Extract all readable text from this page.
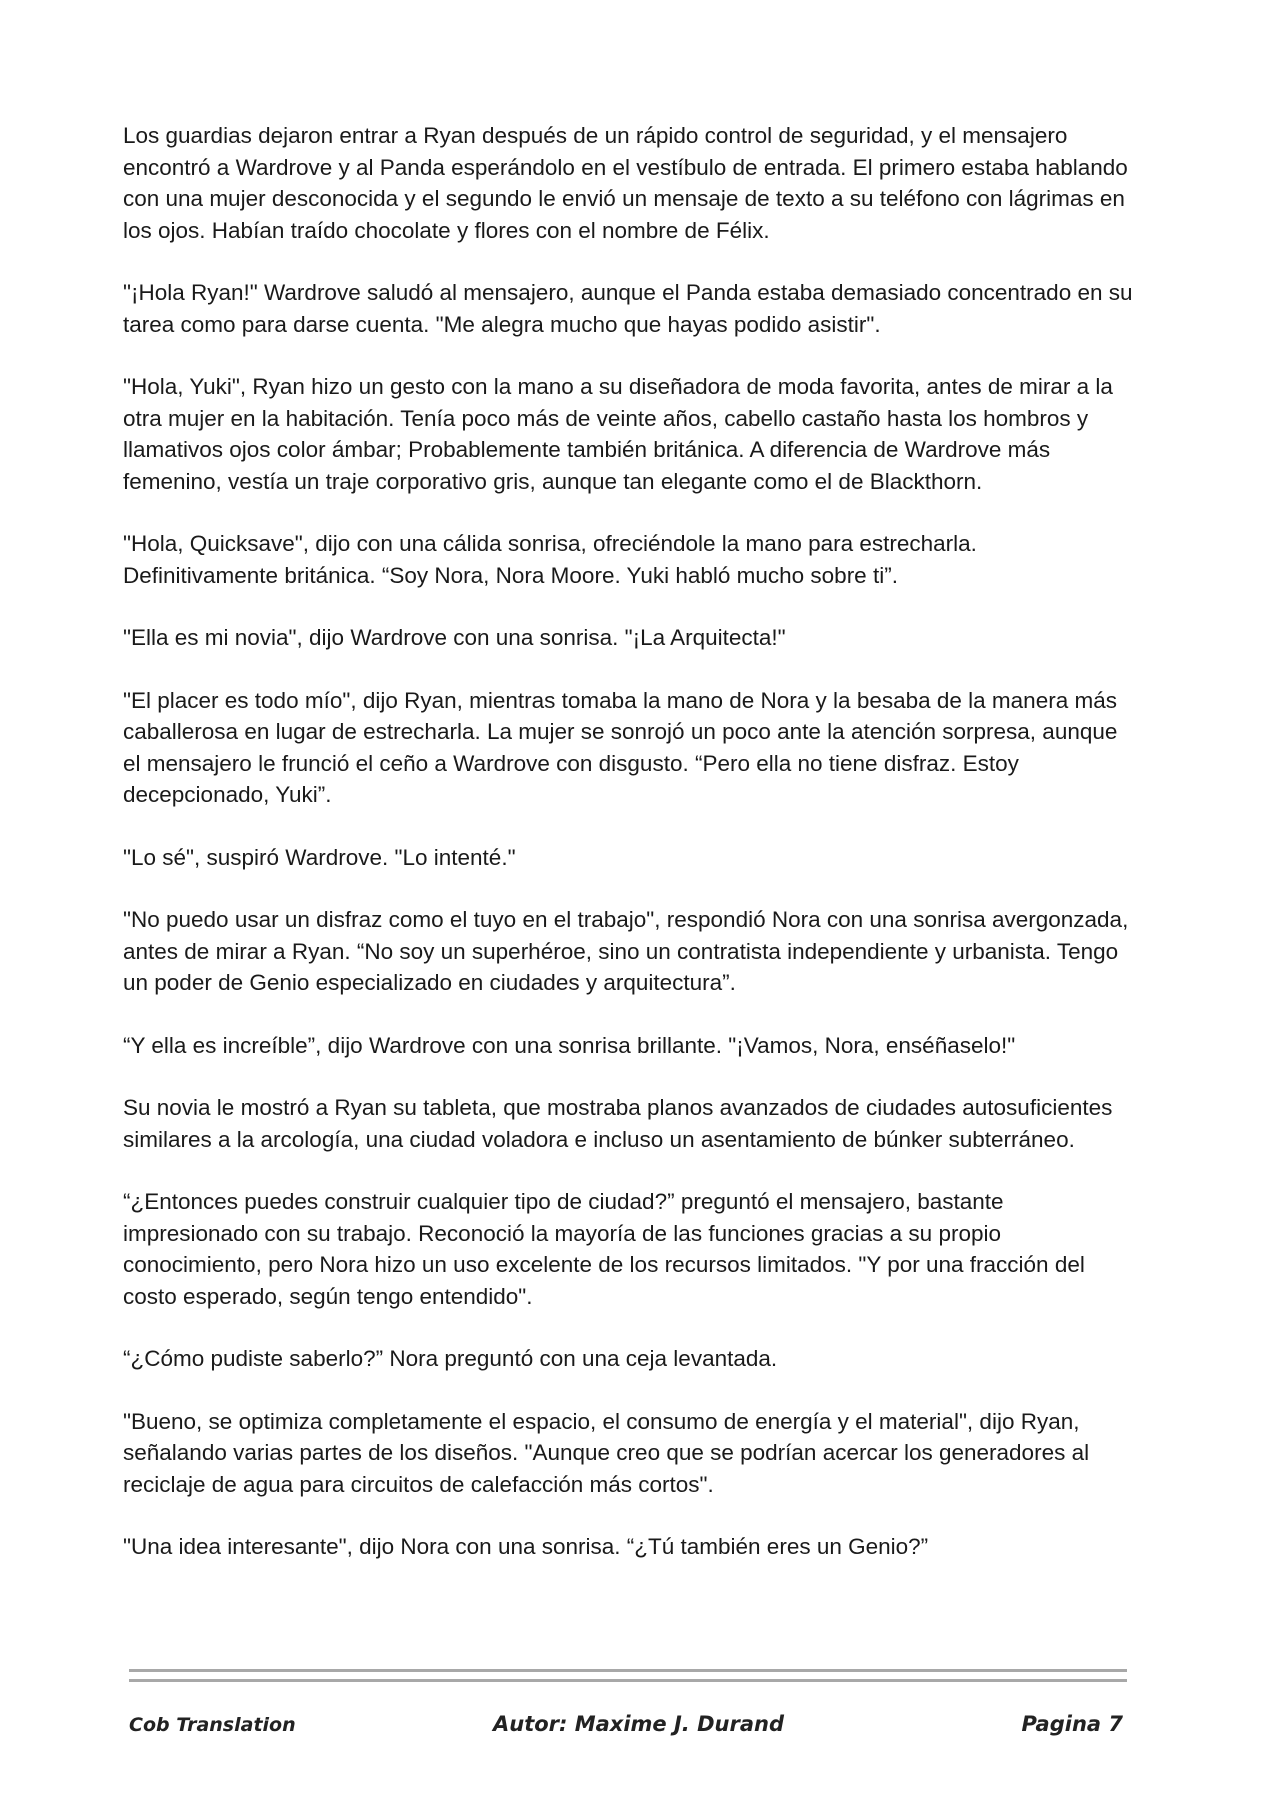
Los guardias dejaron entrar a Ryan después de un rápido control de seguridad, y el mensajero encontró a Wardrove y al Panda esperándolo en el vestíbulo de entrada. El primero estaba hablando con una mujer desconocida y el segundo le envió un mensaje de texto a su teléfono con lágrimas en los ojos. Habían traído chocolate y flores con el nombre de Félix.

"¡Hola Ryan!" Wardrove saludó al mensajero, aunque el Panda estaba demasiado concentrado en su tarea como para darse cuenta. "Me alegra mucho que hayas podido asistir".

"Hola, Yuki", Ryan hizo un gesto con la mano a su diseñadora de moda favorita, antes de mirar a la otra mujer en la habitación. Tenía poco más de veinte años, cabello castaño hasta los hombros y llamativos ojos color ámbar; Probablemente también británica. A diferencia de Wardrove más femenino, vestía un traje corporativo gris, aunque tan elegante como el de Blackthorn.

"Hola, Quicksave", dijo con una cálida sonrisa, ofreciéndole la mano para estrecharla. Definitivamente británica. “Soy Nora, Nora Moore. Yuki habló mucho sobre ti”.

"Ella es mi novia", dijo Wardrove con una sonrisa. "¡La Arquitecta!"

"El placer es todo mío", dijo Ryan, mientras tomaba la mano de Nora y la besaba de la manera más caballerosa en lugar de estrecharla. La mujer se sonrojó un poco ante la atención sorpresa, aunque el mensajero le frunció el ceño a Wardrove con disgusto. “Pero ella no tiene disfraz. Estoy decepcionado, Yuki”.

"Lo sé", suspiró Wardrove. "Lo intenté."

"No puedo usar un disfraz como el tuyo en el trabajo", respondió Nora con una sonrisa avergonzada, antes de mirar a Ryan. “No soy un superhéroe, sino un contratista independiente y urbanista. Tengo un poder de Genio especializado en ciudades y arquitectura”.

“Y ella es increíble”, dijo Wardrove con una sonrisa brillante. "¡Vamos, Nora, enséñaselo!"

Su novia le mostró a Ryan su tableta, que mostraba planos avanzados de ciudades autosuficientes similares a la arcología, una ciudad voladora e incluso un asentamiento de búnker subterráneo.

“¿Entonces puedes construir cualquier tipo de ciudad?” preguntó el mensajero, bastante impresionado con su trabajo. Reconoció la mayoría de las funciones gracias a su propio conocimiento, pero Nora hizo un uso excelente de los recursos limitados. "Y por una fracción del costo esperado, según tengo entendido".

“¿Cómo pudiste saberlo?” Nora preguntó con una ceja levantada.

"Bueno, se optimiza completamente el espacio, el consumo de energía y el material", dijo Ryan, señalando varias partes de los diseños. "Aunque creo que se podrían acercar los generadores al reciclaje de agua para circuitos de calefacción más cortos".

"Una idea interesante", dijo Nora con una sonrisa. “¿Tú también eres un Genio?”

Cob Translation	Autor: Maxime J. Durand	Pagina 7
